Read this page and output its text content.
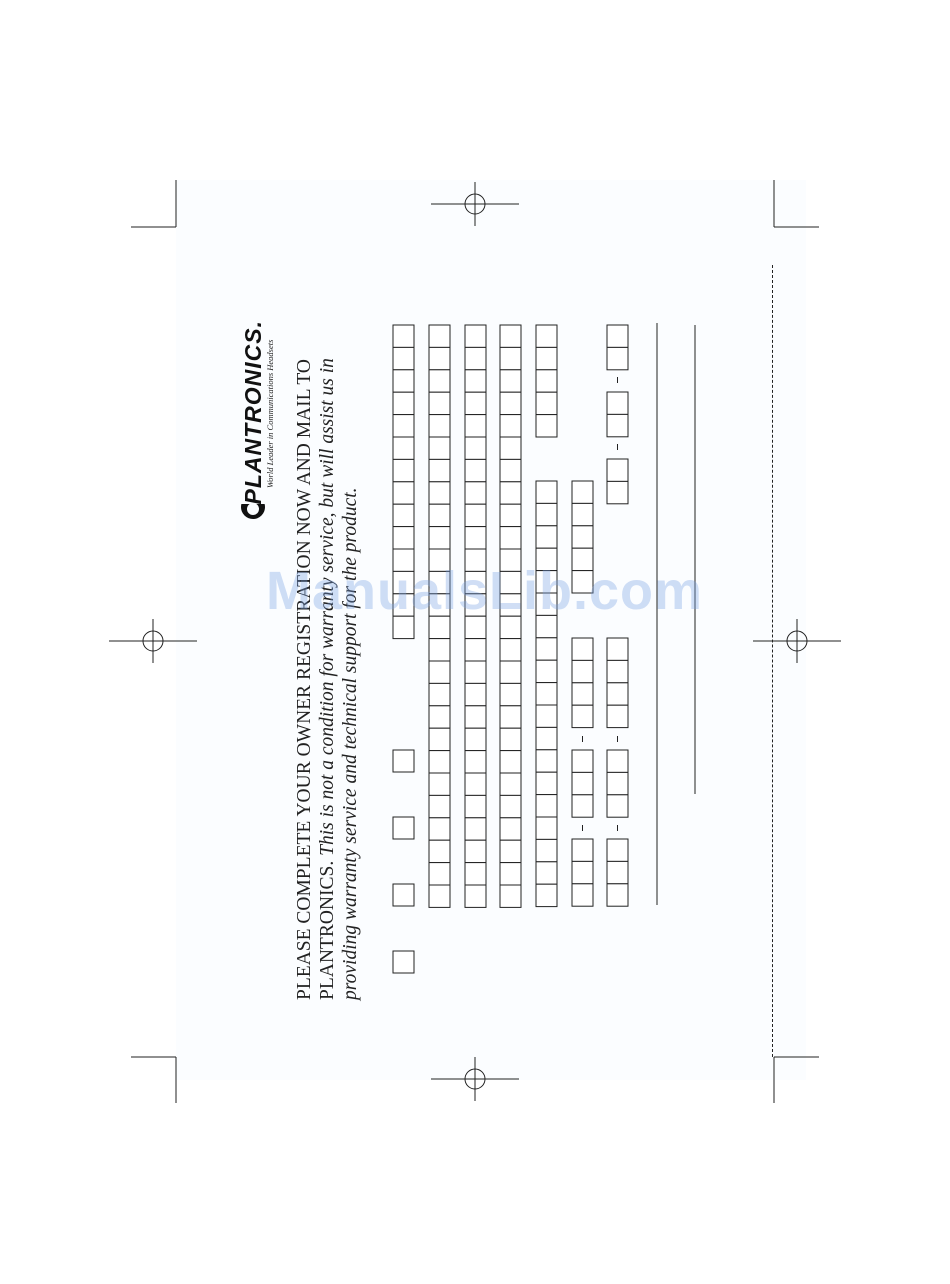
PLANTRONICS. World Leader in Communications Headsets PLEASE COMPLETE YOUR OWNER REGISTRATION NOW AND MAIL TO PLANTRONICS. This is not a condition for warranty service, but will assist us in providing warranty service and technical support for the product.
ManualsLib.com
